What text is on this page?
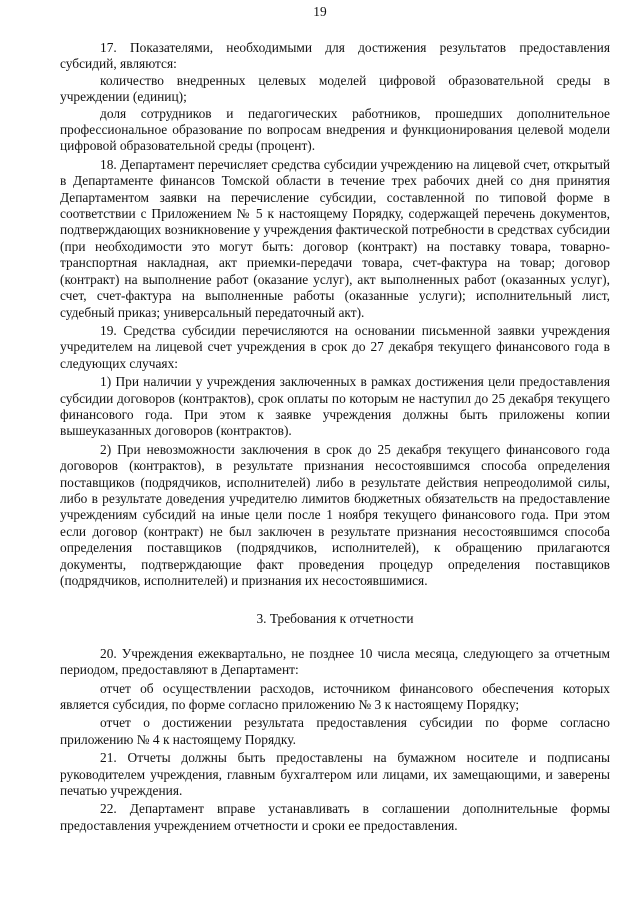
19

17. Показателями, необходимыми для достижения результатов предоставления субсидий, являются:

количество внедренных целевых моделей цифровой образовательной среды в учреждении (единиц);

доля сотрудников и педагогических работников, прошедших дополнительное профессиональное образование по вопросам внедрения и функционирования целевой модели цифровой образовательной среды (процент).

18. Департамент перечисляет средства субсидии учреждению на лицевой счет, открытый в Департаменте финансов Томской области в течение трех рабочих дней со дня принятия Департаментом заявки на перечисление субсидии, составленной по типовой форме в соответствии с Приложением № 5 к настоящему Порядку, содержащей перечень документов, подтверждающих возникновение у учреждения фактической потребности в средствах субсидии (при необходимости это могут быть: договор (контракт) на поставку товара, товарно-транспортная накладная, акт приемки-передачи товара, счет-фактура на товар; договор (контракт) на выполнение работ (оказание услуг), акт выполненных работ (оказанных услуг), счет, счет-фактура на выполненные работы (оказанные услуги); исполнительный лист, судебный приказ; универсальный передаточный акт).

19. Средства субсидии перечисляются на основании письменной заявки учреждения учредителем на лицевой счет учреждения в срок до 27 декабря текущего финансового года в следующих случаях:

1) При наличии у учреждения заключенных в рамках достижения цели предоставления субсидии договоров (контрактов), срок оплаты по которым не наступил до 25 декабря текущего финансового года. При этом к заявке учреждения должны быть приложены копии вышеуказанных договоров (контрактов).

2) При невозможности заключения в срок до 25 декабря текущего финансового года договоров (контрактов), в результате признания несостоявшимся способа определения поставщиков (подрядчиков, исполнителей) либо в результате действия непреодолимой силы, либо в результате доведения учредителю лимитов бюджетных обязательств на предоставление учреждениям субсидий на иные цели после 1 ноября текущего финансового года. При этом если договор (контракт) не был заключен в результате признания несостоявшимся способа определения поставщиков (подрядчиков, исполнителей), к обращению прилагаются документы, подтверждающие факт проведения процедур определения поставщиков (подрядчиков, исполнителей) и признания их несостоявшимися.

3. Требования к отчетности

20. Учреждения ежеквартально, не позднее 10 числа месяца, следующего за отчетным периодом, предоставляют в Департамент:

отчет об осуществлении расходов, источником финансового обеспечения которых является субсидия, по форме согласно приложению № 3 к настоящему Порядку;

отчет о достижении результата предоставления субсидии по форме согласно приложению № 4 к настоящему Порядку.

21. Отчеты должны быть предоставлены на бумажном носителе и подписаны руководителем учреждения, главным бухгалтером или лицами, их замещающими, и заверены печатью учреждения.

22. Департамент вправе устанавливать в соглашении дополнительные формы предоставления учреждением отчетности и сроки ее предоставления.
